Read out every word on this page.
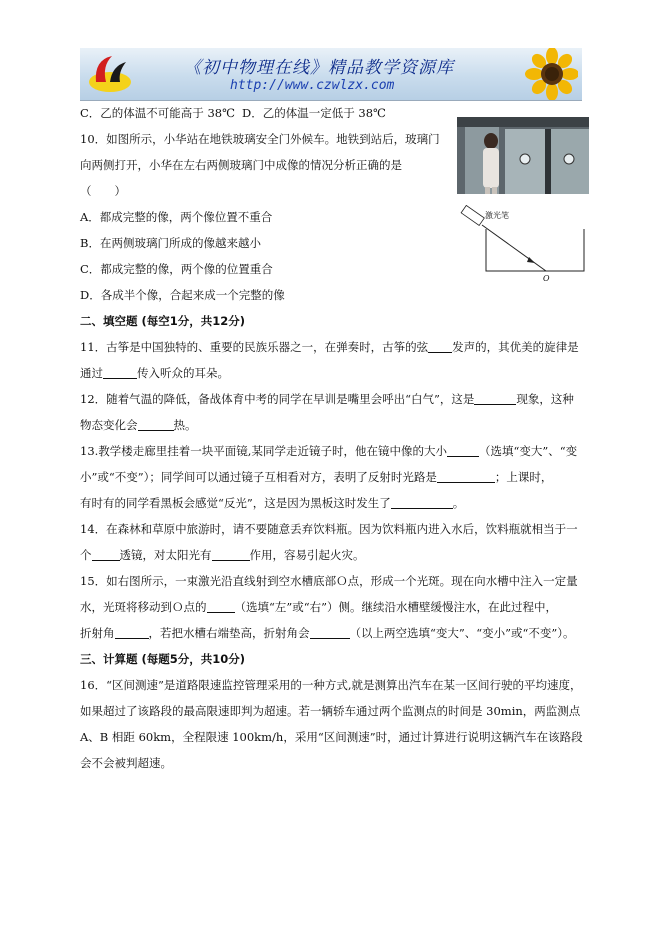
《初中物理在线》精品教学资源库
http://www.czwlzx.com
C．乙的体温不可能高于 38℃ D．乙的体温一定低于 38℃
10．如图所示，小华站在地铁玻璃安全门外候车。地铁到站后，玻璃门
向两侧打开，小华在左右两侧玻璃门中成像的情况分析正确的是
（　　）
A．都成完整的像，两个像位置不重合
B．在两侧玻璃门所成的像越来越小
C．都成完整的像，两个像的位置重合
D．各成半个像，合起来成一个完整的像
激光笔
O
二、填空题 (每空1分，共12分)
11．古筝是中国独特的、重要的民族乐器之一，在弹奏时，古筝的弦 发声的，其优美的旋律是
通过	传入听众的耳朵。
12．随着气温的降低，备战体育中考的同学在早训是嘴里会呼出“白气”，这是	现象，这种
物态变化会	热。
13.教学楼走廊里挂着一块平面镜,某同学走近镜子时，他在镜中像的大小	（选填“变大”、“变
小”或“不变”）；同学间可以通过镜子互相看对方，表明了反射时光路是	；上课时，
有时有的同学看黑板会感觉“反光”，这是因为黑板这时发生了	。
14．在森林和草原中旅游时，请不要随意丢弃饮料瓶。因为饮料瓶内进入水后，饮料瓶就相当于一
个 透镜，对太阳光有	作用，容易引起火灾。
15．如右图所示，一束激光沿直线射到空水槽底部Ｏ点，形成一个光斑。现在向水槽中注入一定量
水，光斑将移动到Ｏ点的 （选填“左”或“右”）侧。继续沿水槽壁缓慢注水，在此过程中，
折射角	，若把水槽右端垫高，折射角会	（以上两空选填“变大”、“变小”或“不变”）。
三、计算题 (每题5分，共10分)
16．“区间测速”是道路限速监控管理采用的一种方式,就是测算出汽车在某一区间行驶的平均速度，
如果超过了该路段的最高限速即判为超速。若一辆轿车通过两个监测点的时间是 30min，两监测点
A、B 相距 60km，全程限速 100km/h，采用“区间测速”时，通过计算进行说明这辆汽车在该路段
会不会被判超速。
